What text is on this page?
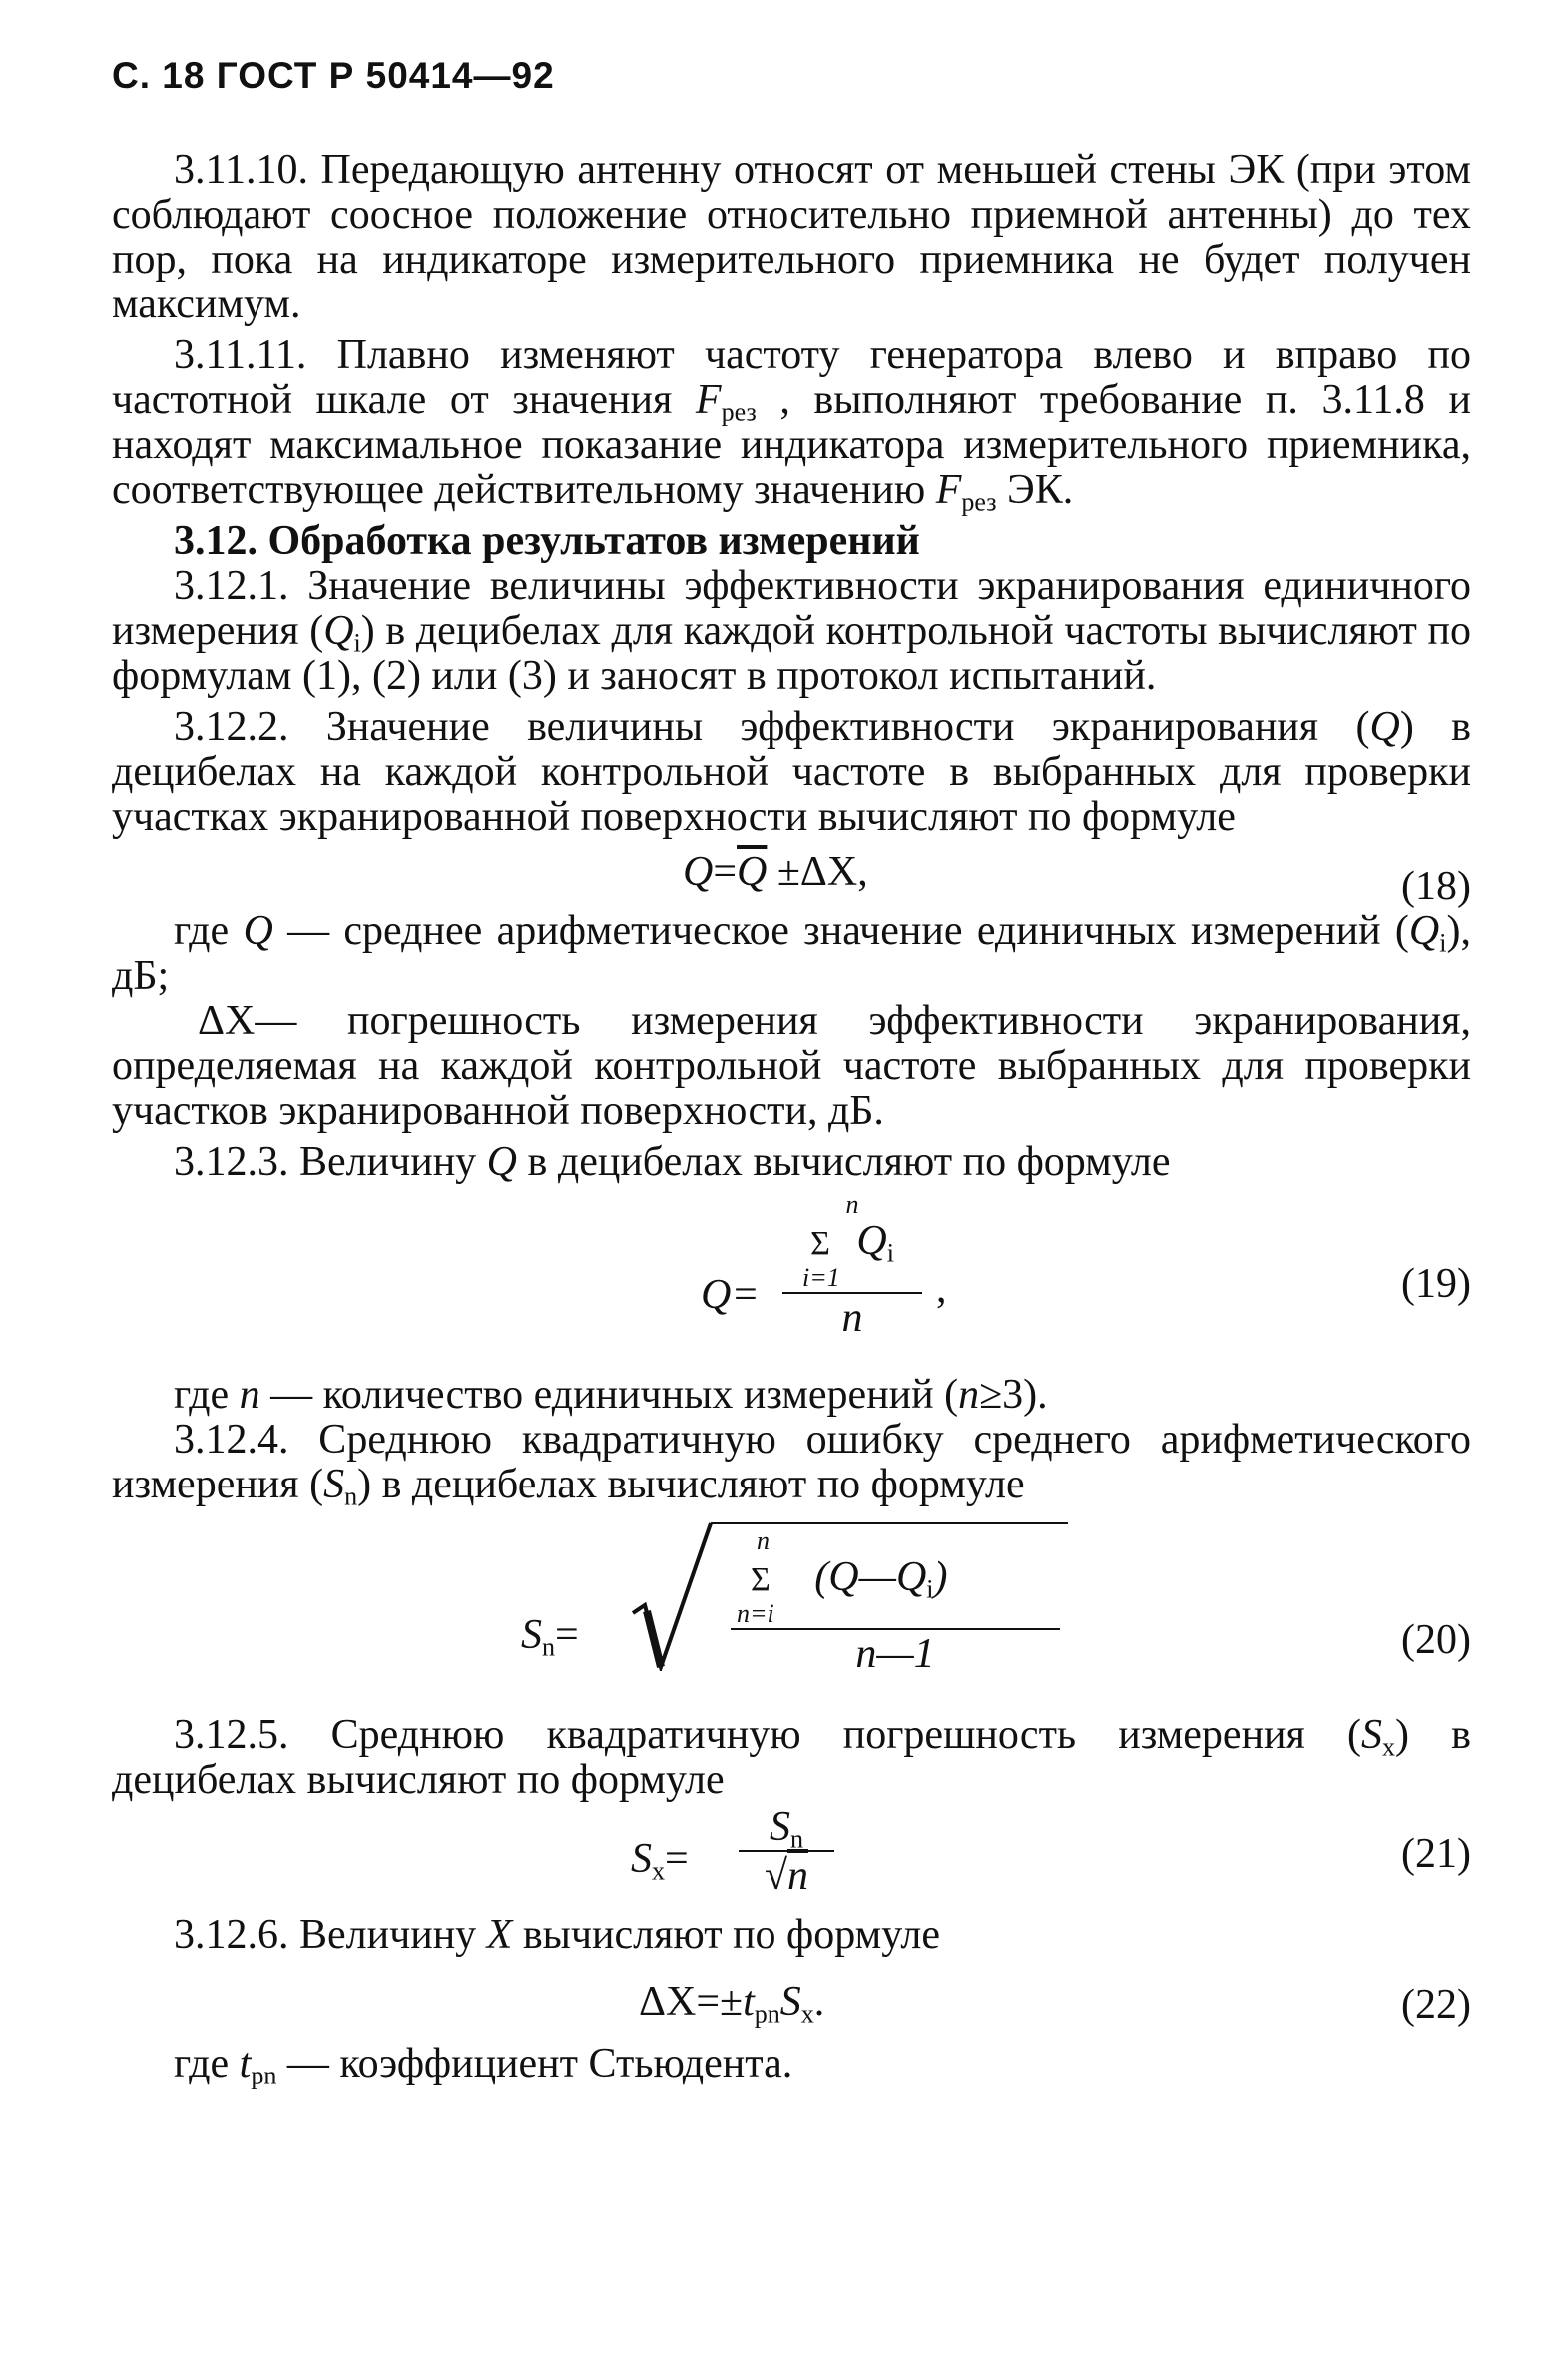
С. 18 ГОСТ Р 50414—92

3.11.10. Передающую антенну относят от меньшей стены ЭК (при этом соблюдают соосное положение относительно приемной антенны) до тех пор, пока на индикаторе измерительного приемника не будет получен максимум.

3.11.11. Плавно изменяют частоту генератора влево и вправо по частотной шкале от значения $F_{рез}$ , выполняют требование п. 3.11.8 и находят максимальное показание индикатора измерительного приемника, соответствующее действительному значению $F_{рез}$ ЭК.

3.12. Обработка результатов измерений

3.12.1. Значение величины эффективности экранирования единичного измерения $(Q_i)$ в децибелах для каждой контрольной частоты вычисляют по формулам (1), (2) или (3) и заносят в протокол испытаний.

3.12.2. Значение величины эффективности экранирования (Q) в децибелах на каждой контрольной частоте в выбранных для проверки участках экранированной поверхности вычисляют по формуле

$Q=\overline{Q} \pm\Delta X$,	(18)

где Q — среднее арифметическое значение единичных измерений $(Q_i)$, дБ;

ΔX— погрешность измерения эффективности экранирования, определяемая на каждой контрольной частоте выбранных для проверки участков экранированной поверхности, дБ.

3.12.3. Величину Q в децибелах вычисляют по формуле

Q= n
Σ $Q_i$
i=1
n ,	(19)

где n — количество единичных измерений (n≥3).

3.12.4. Среднюю квадратичную ошибку среднего арифметического измерения $(S_n)$ в децибелах вычисляют по формуле

$S_n=$	n
Σ $(Q—Q_i)$
n=i
n—1	(20)

3.12.5. Среднюю квадратичную погрешность измерения $(S_x)$ в децибелах вычисляют по формуле

$S_x= \frac{S_n}{√n}$	(21)

3.12.6. Величину X вычисляют по формуле

$\Delta X=\pm t_{pn}S_x$.	(22)

где $t_{pn}$ — коэффициент Стьюдента.
